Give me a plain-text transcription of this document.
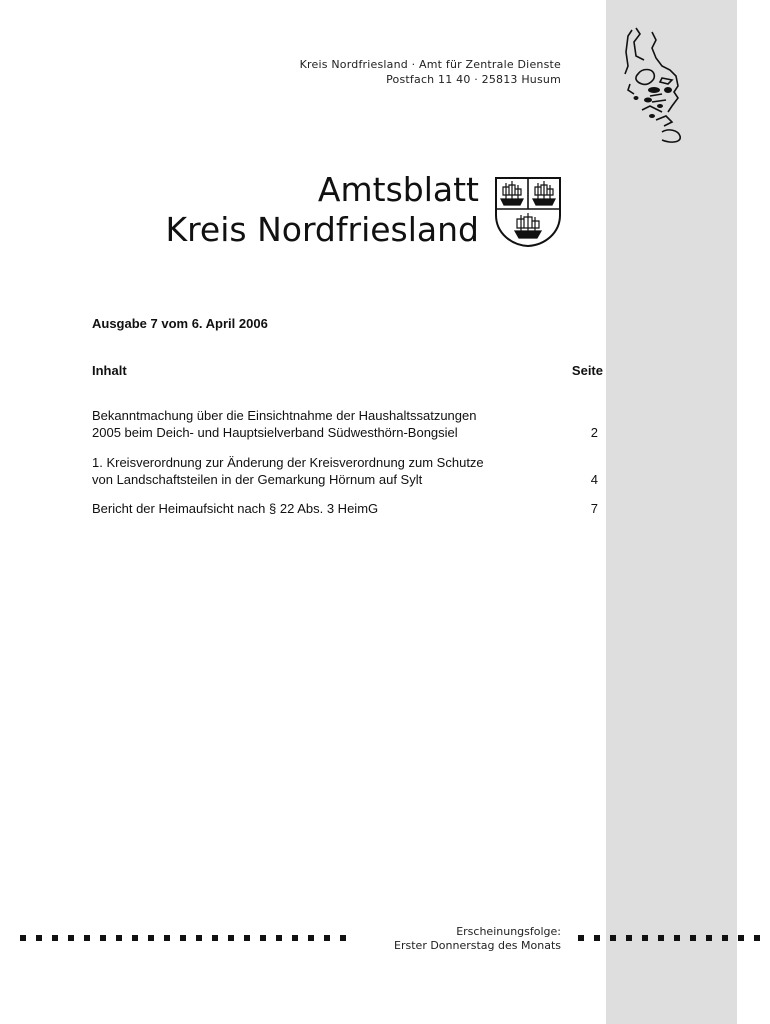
Kreis Nordfriesland · Amt für Zentrale Dienste
Postfach 11 40 · 25813 Husum
Amtsblatt
Kreis Nordfriesland
Ausgabe 7 vom 6. April 2006
Inhalt	Seite
Bekanntmachung über die Einsichtnahme der Haushaltssatzungen
2005 beim Deich- und Hauptsielverband Südwesthörn-Bongsiel	2
1. Kreisverordnung zur Änderung der Kreisverordnung zum Schutze
von Landschaftsteilen in der Gemarkung Hörnum auf Sylt	4
Bericht der Heimaufsicht nach § 22 Abs. 3 HeimG	7
Erscheinungsfolge:
Erster Donnerstag des Monats
